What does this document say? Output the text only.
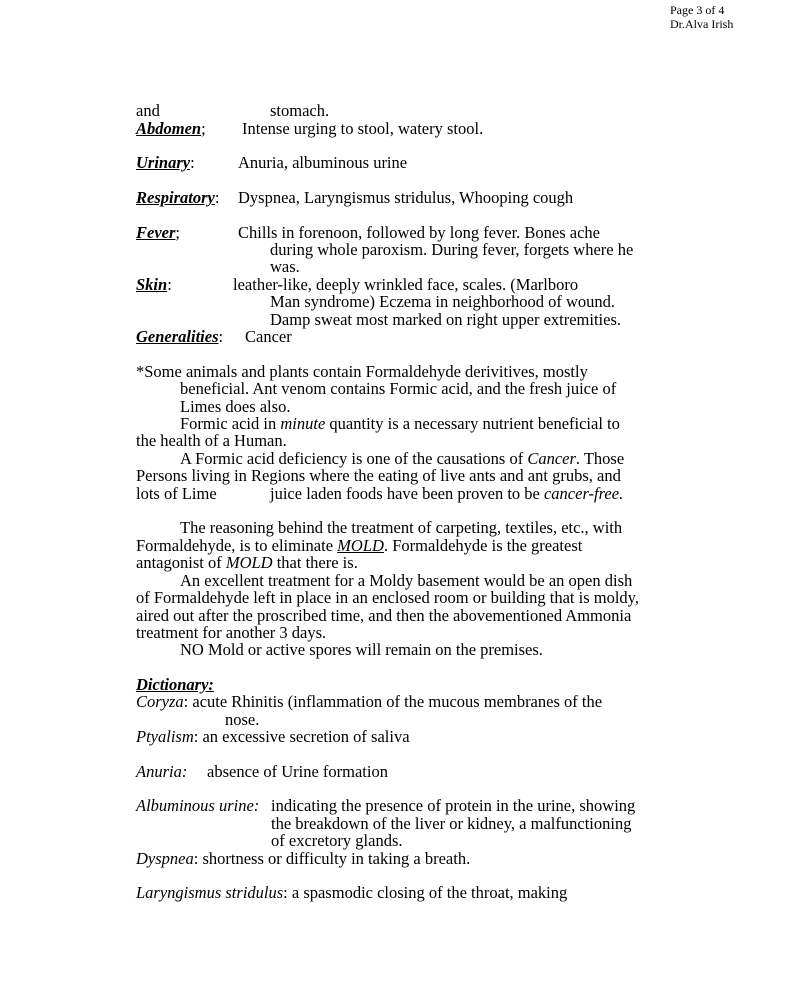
Page 3 of 4
Dr.Alva Irish
and	stomach.
Abdomen; Intense urging to stool, watery stool.
Urinary:	Anuria, albuminous urine
Respiratory: Dyspnea, Laryngismus stridulus, Whooping cough
Fever;	Chills in forenoon, followed by long fever. Bones ache
during whole paroxism. During fever, forgets where he
was.
Skin:	leather-like, deeply wrinkled face, scales. (Marlboro
Man syndrome) Eczema in neighborhood of wound.
Damp sweat most marked on right upper extremities.
Generalities: Cancer
*Some animals and plants contain Formaldehyde derivitives, mostly
beneficial. Ant venom contains Formic acid, and the fresh juice of
Limes does also.
Formic acid in minute quantity is a necessary nutrient beneficial to
the health of a Human.
A Formic acid deficiency is one of the causations of Cancer. Those
Persons living in Regions where the eating of live ants and ant grubs, and
lots of Lime	juice laden foods have been proven to be cancer-free.
The reasoning behind the treatment of carpeting, textiles, etc., with
Formaldehyde, is to eliminate MOLD. Formaldehyde is the greatest
antagonist of MOLD that there is.
An excellent treatment for a Moldy basement would be an open dish
of Formaldehyde left in place in an enclosed room or building that is moldy,
aired out after the proscribed time, and then the abovementioned Ammonia
treatment for another 3 days.
NO Mold or active spores will remain on the premises.
Dictionary:
Coryza: acute Rhinitis (inflammation of the mucous membranes of the
nose.
Ptyalism: an excessive secretion of saliva
Anuria: absence of Urine formation
Albuminous urine: indicating the presence of protein in the urine, showing
the breakdown of the liver or kidney, a malfunctioning
of excretory glands.
Dyspnea: shortness or difficulty in taking a breath.
Laryngismus stridulus: a spasmodic closing of the throat, making
